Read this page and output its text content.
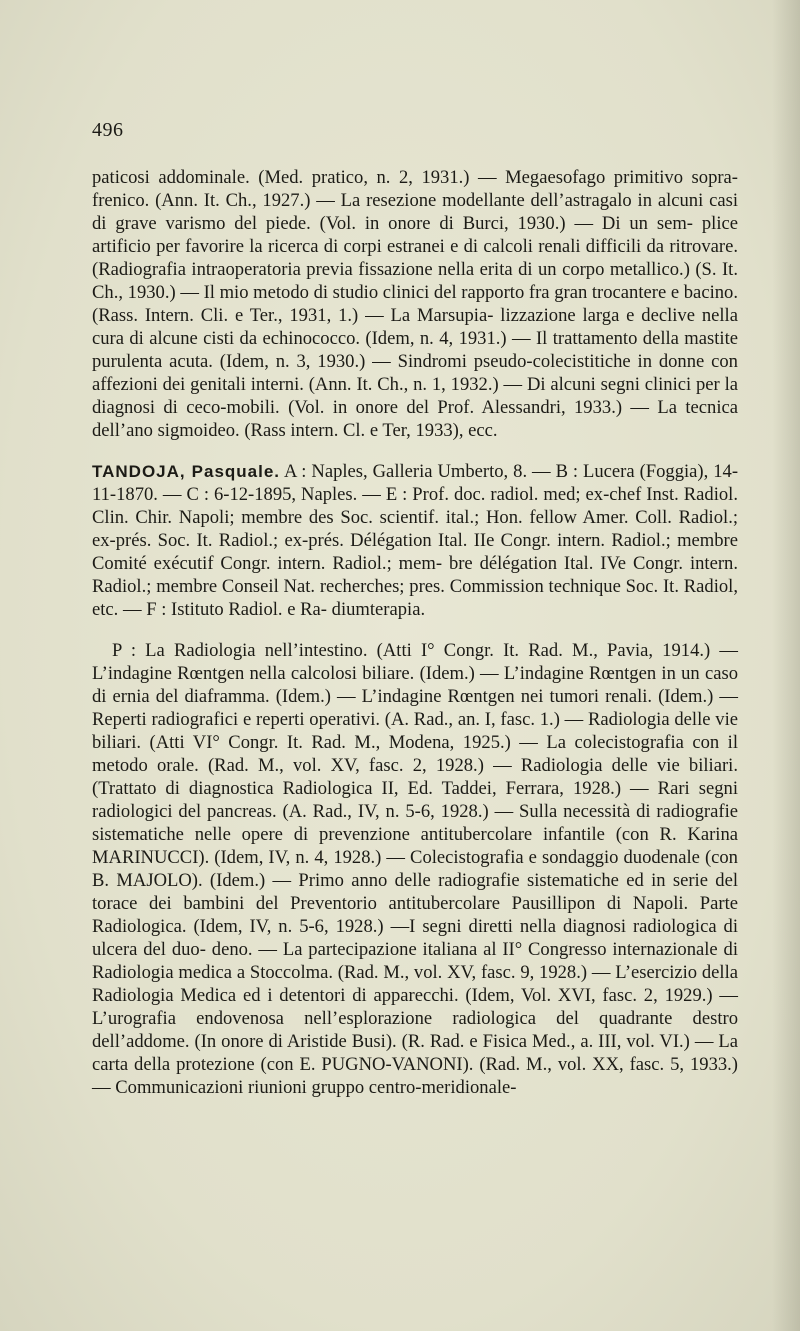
496

paticosi addominale. (Med. pratico, n. 2, 1931.) — Megaesofago primitivo sopra- frenico. (Ann. It. Ch., 1927.) — La resezione modellante dell’astragalo in alcuni casi di grave varismo del piede. (Vol. in onore di Burci, 1930.) — Di un sem- plice artificio per favorire la ricerca di corpi estranei e di calcoli renali difficili da ritrovare. (Radiografia intraoperatoria previa fissazione nella erita di un corpo metallico.) (S. It. Ch., 1930.) — Il mio metodo di studio clinici del rapporto fra gran trocantere e bacino. (Rass. Intern. Cli. e Ter., 1931, 1.) — La Marsupia- lizzazione larga e declive nella cura di alcune cisti da echinococco. (Idem, n. 4, 1931.) — Il trattamento della mastite purulenta acuta. (Idem, n. 3, 1930.) — Sindromi pseudo-colecistitiche in donne con affezioni dei genitali interni. (Ann. It. Ch., n. 1, 1932.) — Di alcuni segni clinici per la diagnosi di ceco-mobili. (Vol. in onore del Prof. Alessandri, 1933.) — La tecnica dell’ano sigmoideo. (Rass intern. Cl. e Ter, 1933), ecc.

TANDOJA, Pasquale. A : Naples, Galleria Umberto, 8. — B : Lucera (Foggia), 14-11-1870. — C : 6-12-1895, Naples. — E : Prof. doc. radiol. med; ex-chef Inst. Radiol. Clin. Chir. Napoli; membre des Soc. scientif. ital.; Hon. fellow Amer. Coll. Radiol.; ex-prés. Soc. It. Radiol.; ex-prés. Délégation Ital. IIe Congr. intern. Radiol.; membre Comité exécutif Congr. intern. Radiol.; mem- bre délégation Ital. IVe Congr. intern. Radiol.; membre Conseil Nat. recherches; pres. Commission technique Soc. It. Radiol, etc. — F : Istituto Radiol. e Ra- diumterapia.

P : La Radiologia nell’intestino. (Atti I° Congr. It. Rad. M., Pavia, 1914.) — L’indagine Rœntgen nella calcolosi biliare. (Idem.) — L’indagine Rœntgen in un caso di ernia del diaframma. (Idem.) — L’indagine Rœntgen nei tumori renali. (Idem.) — Reperti radiografici e reperti operativi. (A. Rad., an. I, fasc. 1.) — Radiologia delle vie biliari. (Atti VI° Congr. It. Rad. M., Modena, 1925.) — La colecistografia con il metodo orale. (Rad. M., vol. XV, fasc. 2, 1928.) — Radiologia delle vie biliari. (Trattato di diagnostica Radiologica II, Ed. Taddei, Ferrara, 1928.) — Rari segni radiologici del pancreas. (A. Rad., IV, n. 5-6, 1928.) — Sulla necessità di radiografie sistematiche nelle opere di prevenzione antitubercolare infantile (con R. Karina MARINUCCI). (Idem, IV, n. 4, 1928.) — Colecistografia e sondaggio duodenale (con B. MAJOLO). (Idem.) — Primo anno delle radiografie sistematiche ed in serie del torace dei bambini del Preventorio antitubercolare Pausillipon di Napoli. Parte Radiologica. (Idem, IV, n. 5-6, 1928.) —I segni diretti nella diagnosi radiologica di ulcera del duo- deno. — La partecipazione italiana al II° Congresso internazionale di Radiologia medica a Stoccolma. (Rad. M., vol. XV, fasc. 9, 1928.) — L’esercizio della Radiologia Medica ed i detentori di apparecchi. (Idem, Vol. XVI, fasc. 2, 1929.) — L’urografia endovenosa nell’esplorazione radiologica del quadrante destro dell’addome. (In onore di Aristide Busi). (R. Rad. e Fisica Med., a. III, vol. VI.) — La carta della protezione (con E. PUGNO-VANONI). (Rad. M., vol. XX, fasc. 5, 1933.) — Communicazioni riunioni gruppo centro-meridionale-
